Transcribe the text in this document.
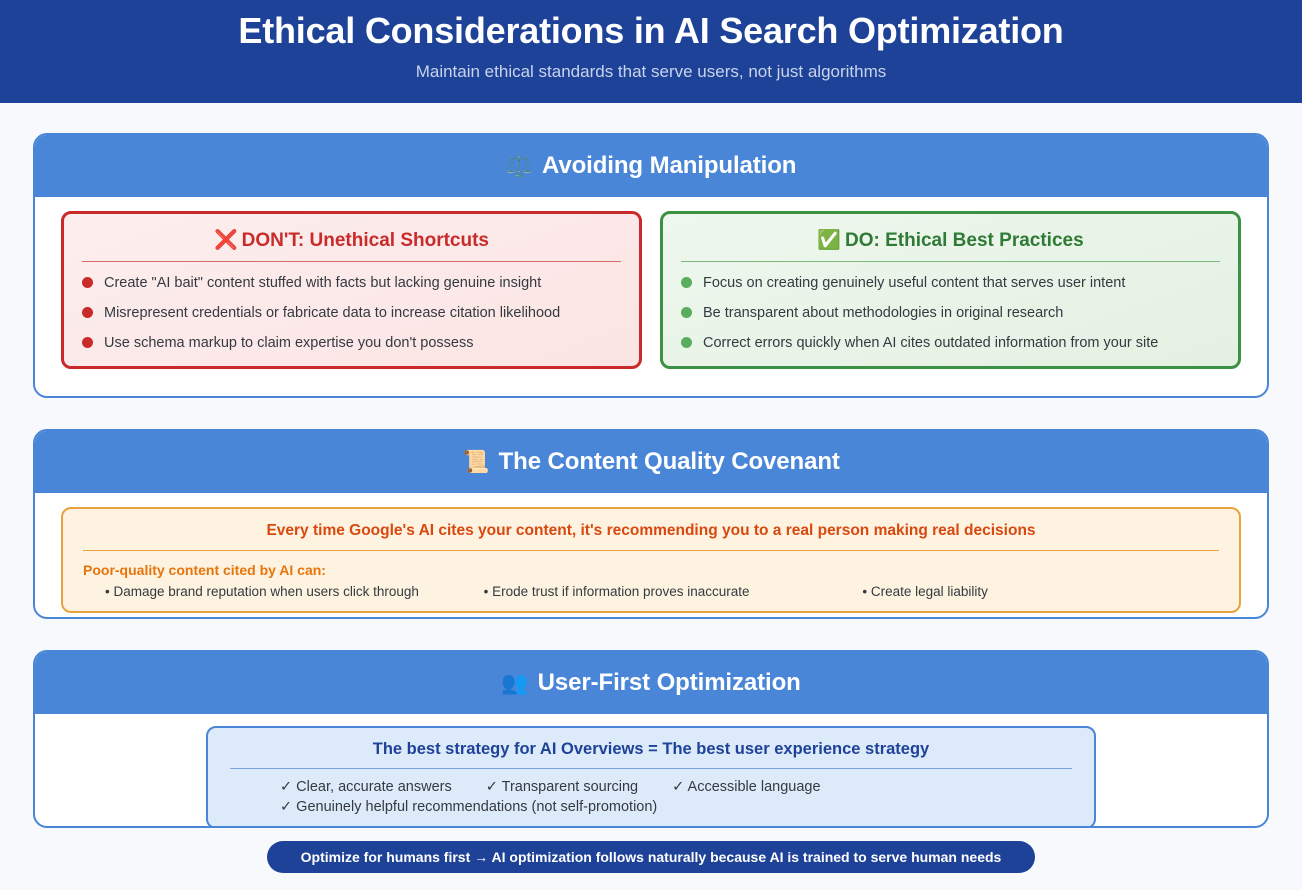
Ethical Considerations in AI Search Optimization
Maintain ethical standards that serve users, not just algorithms
⚖️ Avoiding Manipulation
❌ DON'T: Unethical Shortcuts
Create "AI bait" content stuffed with facts but lacking genuine insight
Misrepresent credentials or fabricate data to increase citation likelihood
Use schema markup to claim expertise you don't possess
✅ DO: Ethical Best Practices
Focus on creating genuinely useful content that serves user intent
Be transparent about methodologies in original research
Correct errors quickly when AI cites outdated information from your site
📜 The Content Quality Covenant
Every time Google's AI cites your content, it's recommending you to a real person making real decisions
Poor-quality content cited by AI can:
• Damage brand reputation when users click through	• Erode trust if information proves inaccurate	• Create legal liability
👥 User-First Optimization
The best strategy for AI Overviews = The best user experience strategy
✓ Clear, accurate answers ✓ Transparent sourcing ✓ Accessible language✓ Genuinely helpful recommendations (not self-promotion)
Optimize for humans first → AI optimization follows naturally because AI is trained to serve human needs
